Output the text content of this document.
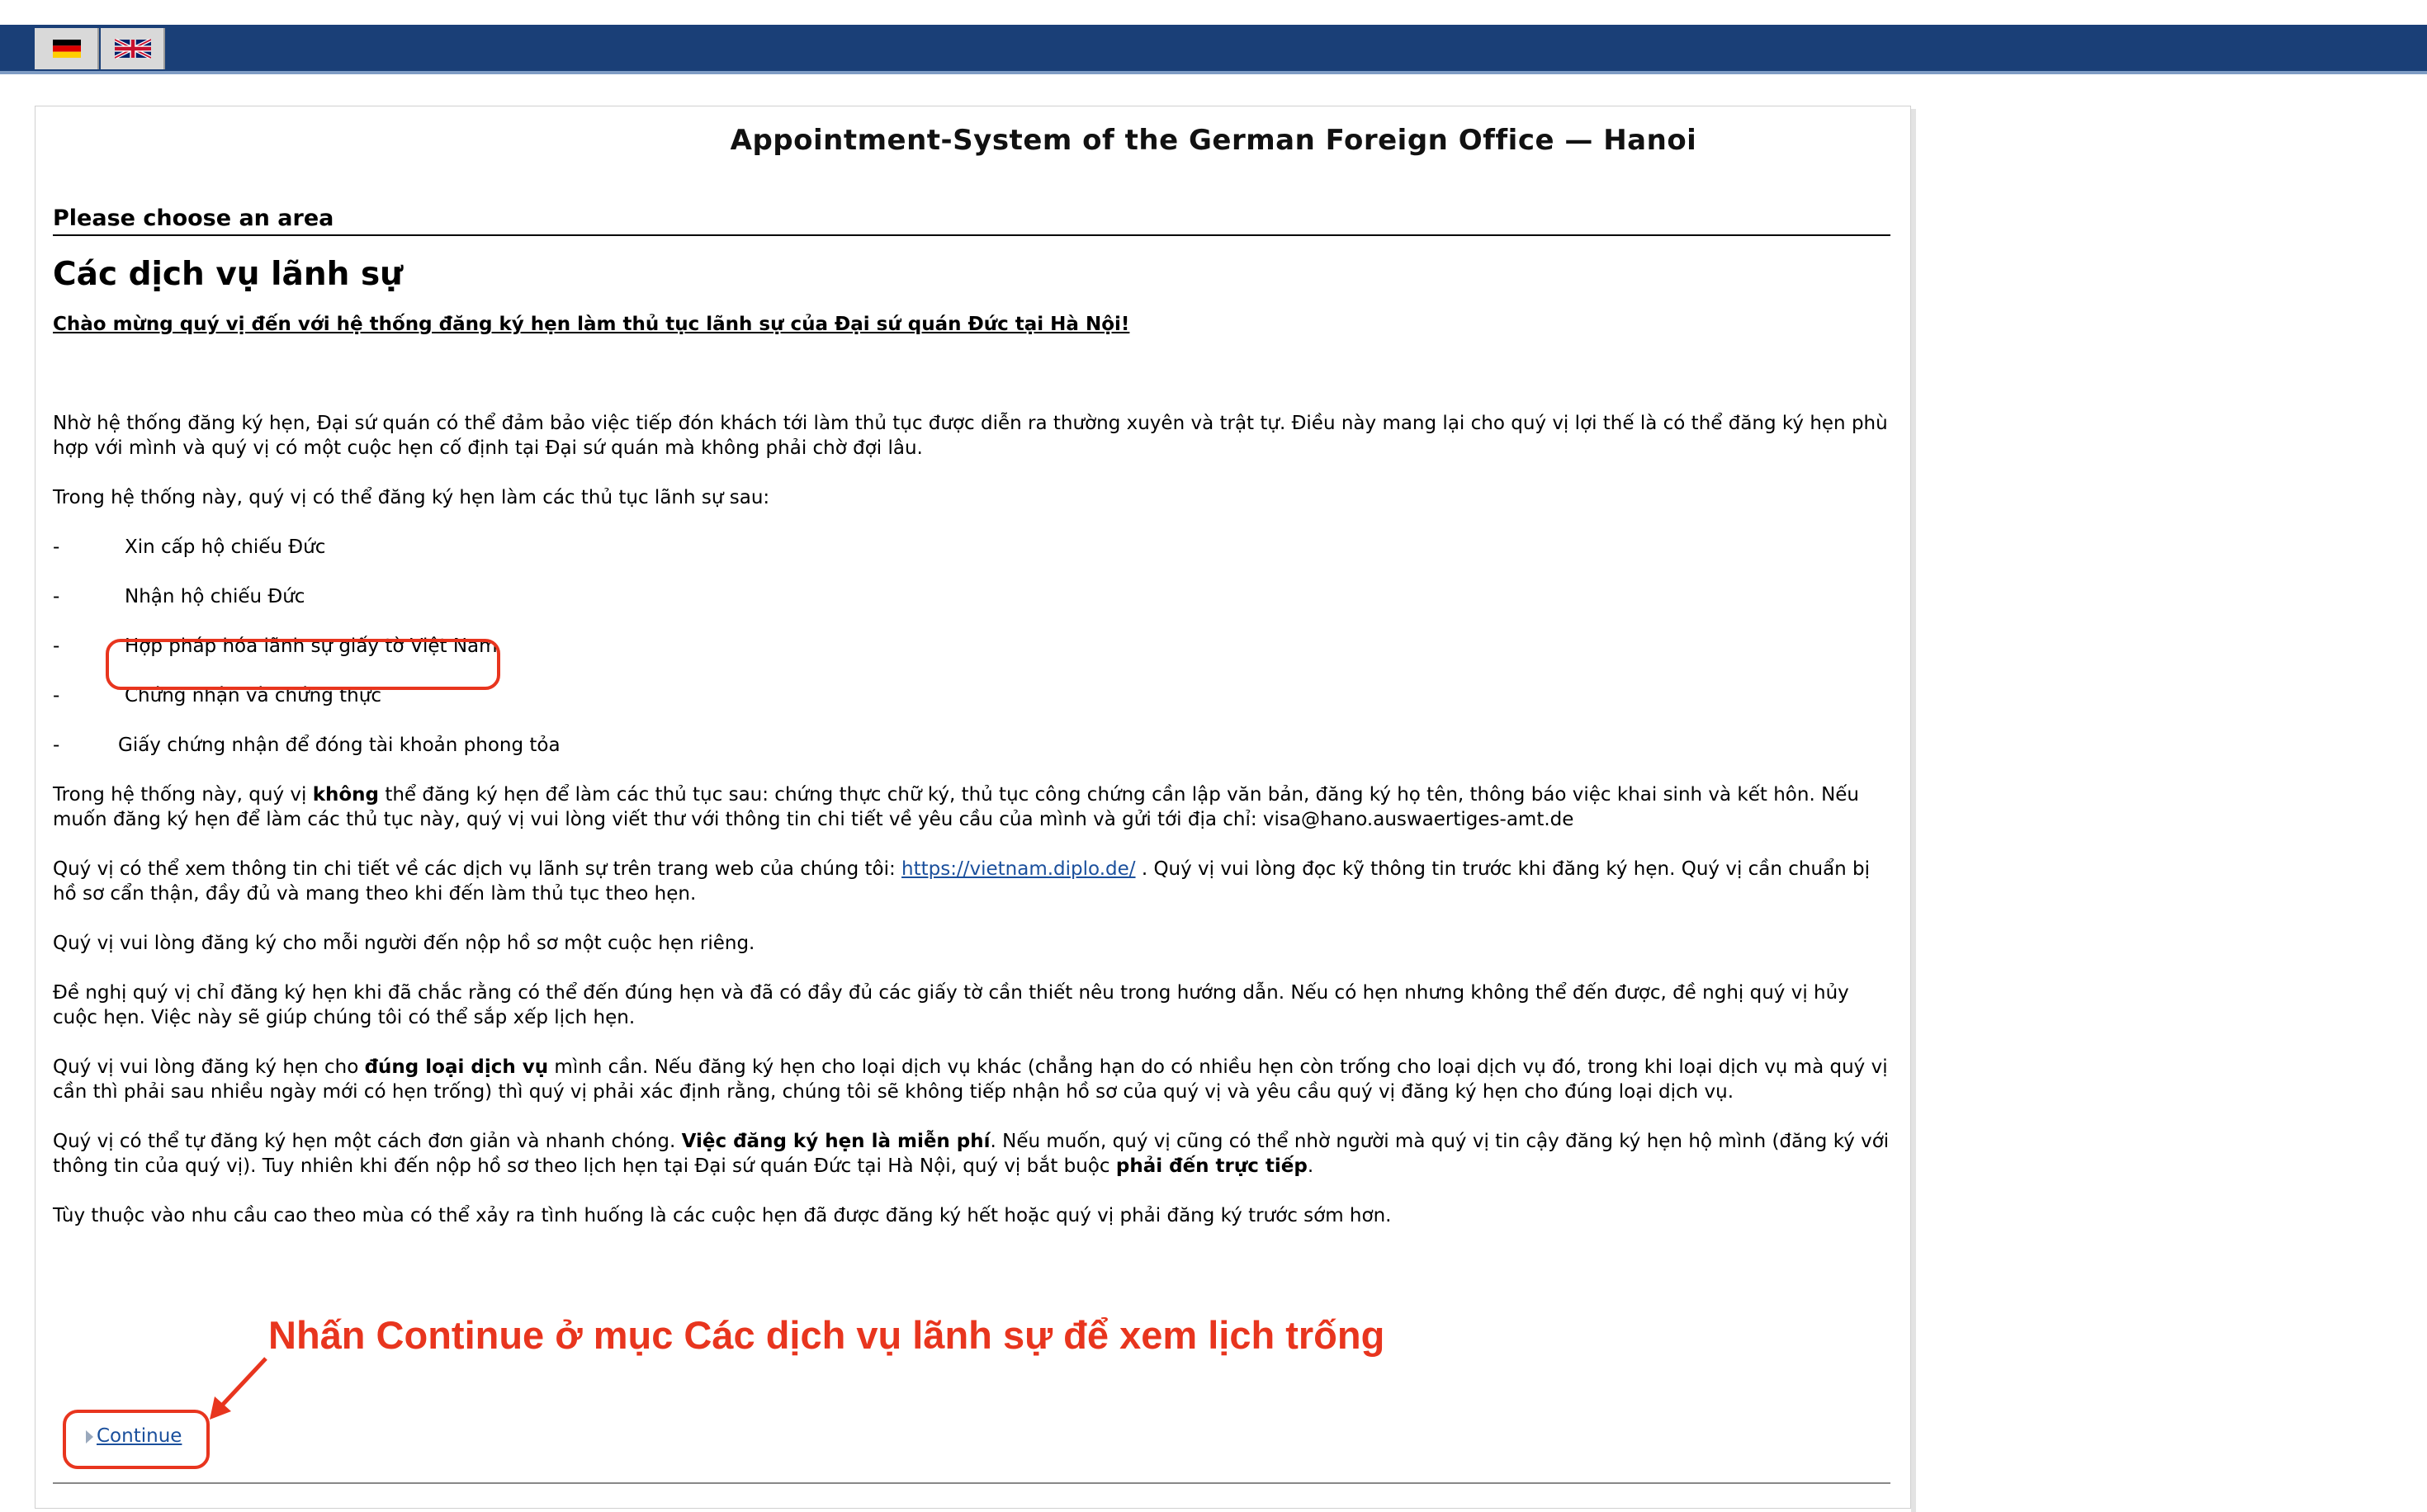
Appointment-System of the German Foreign Office — Hanoi
Please choose an area
Các dịch vụ lãnh sự
Chào mừng quý vị đến với hệ thống đăng ký hẹn làm thủ tục lãnh sự của Đại sứ quán Đức tại Hà Nội!

Nhờ hệ thống đăng ký hẹn, Đại sứ quán có thể đảm bảo việc tiếp đón khách tới làm thủ tục được diễn ra thường xuyên và trật tự. Điều này mang lại cho quý vị lợi thế là có thể đăng ký hẹn phù hợp với mình và quý vị có một cuộc hẹn cố định tại Đại sứ quán mà không phải chờ đợi lâu.

Trong hệ thống này, quý vị có thể đăng ký hẹn làm các thủ tục lãnh sự sau:

-	Xin cấp hộ chiếu Đức
-	Nhận hộ chiếu Đức
-	Hợp pháp hóa lãnh sự giấy tờ Việt Nam
-	Chứng nhận và chứng thực
-	Giấy chứng nhận để đóng tài khoản phong tỏa

Trong hệ thống này, quý vị không thể đăng ký hẹn để làm các thủ tục sau: chứng thực chữ ký, thủ tục công chứng cần lập văn bản, đăng ký họ tên, thông báo việc khai sinh và kết hôn. Nếu muốn đăng ký hẹn để làm các thủ tục này, quý vị vui lòng viết thư với thông tin chi tiết về yêu cầu của mình và gửi tới địa chỉ: visa@hano.auswaertiges-amt.de

Quý vị có thể xem thông tin chi tiết về các dịch vụ lãnh sự trên trang web của chúng tôi: https://vietnam.diplo.de/ . Quý vị vui lòng đọc kỹ thông tin trước khi đăng ký hẹn. Quý vị cần chuẩn bị hồ sơ cẩn thận, đầy đủ và mang theo khi đến làm thủ tục theo hẹn.

Quý vị vui lòng đăng ký cho mỗi người đến nộp hồ sơ một cuộc hẹn riêng.

Đề nghị quý vị chỉ đăng ký hẹn khi đã chắc rằng có thể đến đúng hẹn và đã có đầy đủ các giấy tờ cần thiết nêu trong hướng dẫn. Nếu có hẹn nhưng không thể đến được, đề nghị quý vị hủy cuộc hẹn. Việc này sẽ giúp chúng tôi có thể sắp xếp lịch hẹn.

Quý vị vui lòng đăng ký hẹn cho đúng loại dịch vụ mình cần. Nếu đăng ký hẹn cho loại dịch vụ khác (chẳng hạn do có nhiều hẹn còn trống cho loại dịch vụ đó, trong khi loại dịch vụ mà quý vị cần thì phải sau nhiều ngày mới có hẹn trống) thì quý vị phải xác định rằng, chúng tôi sẽ không tiếp nhận hồ sơ của quý vị và yêu cầu quý vị đăng ký hẹn cho đúng loại dịch vụ.

Quý vị có thể tự đăng ký hẹn một cách đơn giản và nhanh chóng. Việc đăng ký hẹn là miễn phí. Nếu muốn, quý vị cũng có thể nhờ người mà quý vị tin cậy đăng ký hẹn hộ mình (đăng ký với thông tin của quý vị). Tuy nhiên khi đến nộp hồ sơ theo lịch hẹn tại Đại sứ quán Đức tại Hà Nội, quý vị bắt buộc phải đến trực tiếp.

Tùy thuộc vào nhu cầu cao theo mùa có thể xảy ra tình huống là các cuộc hẹn đã được đăng ký hết hoặc quý vị phải đăng ký trước sớm hơn.

Nhấn Continue ở mục Các dịch vụ lãnh sự để xem lịch trống
Continue
